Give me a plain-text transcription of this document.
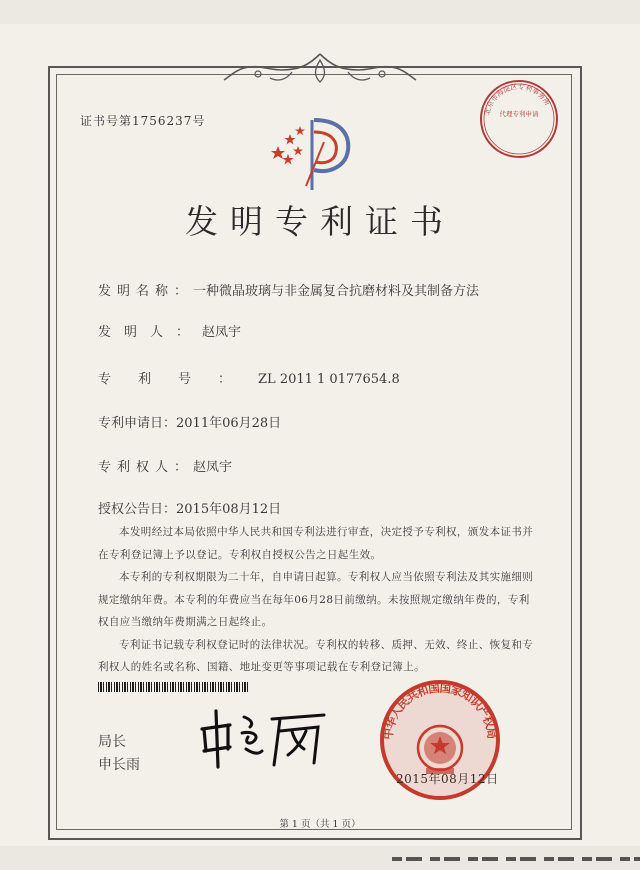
证书号第1756237号
北京市海淀区专利事务所
代理专利申请
发明专利证书
发明名称：一种微晶玻璃与非金属复合抗磨材料及其制备方法
发明人：赵凤宇
专利号：ZL 2011 1 0177654.8
专利申请日：2011年06月28日
专利权人：赵凤宇
授权公告日：2015年08月12日

本发明经过本局依照中华人民共和国专利法进行审查，决定授予专利权，颁发本证书并在专利登记簿上予以登记。专利权自授权公告之日起生效。

本专利的专利权期限为二十年，自申请日起算。专利权人应当依照专利法及其实施细则规定缴纳年费。本专利的年费应当在每年06月28日前缴纳。未按照规定缴纳年费的，专利权自应当缴纳年费期满之日起终止。

专利证书记载专利权登记时的法律状况。专利权的转移、质押、无效、终止、恢复和专利权人的姓名或名称、国籍、地址变更等事项记载在专利登记簿上。

局长
申长雨
中华人民共和国国家知识产权局
2015年08月12日
第 1 页（共 1 页）
